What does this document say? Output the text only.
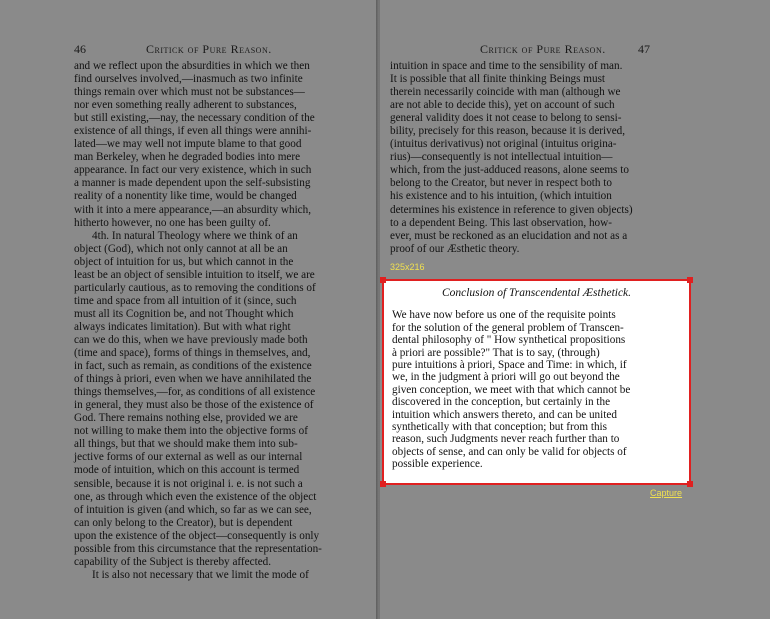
46	Critick of Pure Reason.
and we reflect upon the absurdities in which we then
find ourselves involved,—inasmuch as two infinite
things remain over which must not be substances—
nor even something really adherent to substances,
but still existing,—nay, the necessary condition of the
existence of all things, if even all things were annihi-
lated—we may well not impute blame to that good
man Berkeley, when he degraded bodies into mere
appearance. In fact our very existence, which in such
a manner is made dependent upon the self-subsisting
reality of a nonentity like time, would be changed
with it into a mere appearance,—an absurdity which,
hitherto however, no one has been guilty of.
4th. In natural Theology where we think of an
object (God), which not only cannot at all be an
object of intuition for us, but which cannot in the
least be an object of sensible intuition to itself, we are
particularly cautious, as to removing the conditions of
time and space from all intuition of it (since, such
must all its Cognition be, and not Thought which
always indicates limitation). But with what right
can we do this, when we have previously made both
(time and space), forms of things in themselves, and,
in fact, such as remain, as conditions of the existence
of things à priori, even when we have annihilated the
things themselves,—for, as conditions of all existence
in general, they must also be those of the existence of
God. There remains nothing else, provided we are
not willing to make them into the objective forms of
all things, but that we should make them into sub-
jective forms of our external as well as our internal
mode of intuition, which on this account is termed
sensible, because it is not original i. e. is not such a
one, as through which even the existence of the object
of intuition is given (and which, so far as we can see,
can only belong to the Creator), but is dependent
upon the existence of the object—consequently is only
possible from this circumstance that the representation-
capability of the Subject is thereby affected.
It is also not necessary that we limit the mode of
Critick of Pure Reason.	47
intuition in space and time to the sensibility of man.
It is possible that all finite thinking Beings must
therein necessarily coincide with man (although we
are not able to decide this), yet on account of such
general validity does it not cease to belong to sensi-
bility, precisely for this reason, because it is derived,
(intuitus derivativus) not original (intuitus origina-
rius)—consequently is not intellectual intuition—
which, from the just-adduced reasons, alone seems to
belong to the Creator, but never in respect both to
his existence and to his intuition, (which intuition
determines his existence in reference to given objects)
to a dependent Being. This last observation, how-
ever, must be reckoned as an elucidation and not as a
proof of our Æsthetic theory.
325x216
Conclusion of Transcendental Æsthetick.
We have now before us one of the requisite points
for the solution of the general problem of Transcen-
dental philosophy of " How synthetical propositions
à priori are possible?" That is to say, (through)
pure intuitions à priori, Space and Time: in which, if
we, in the judgment à priori will go out beyond the
given conception, we meet with that which cannot be
discovered in the conception, but certainly in the
intuition which answers thereto, and can be united
synthetically with that conception; but from this
reason, such Judgments never reach further than to
objects of sense, and can only be valid for objects of
possible experience.
Capture
